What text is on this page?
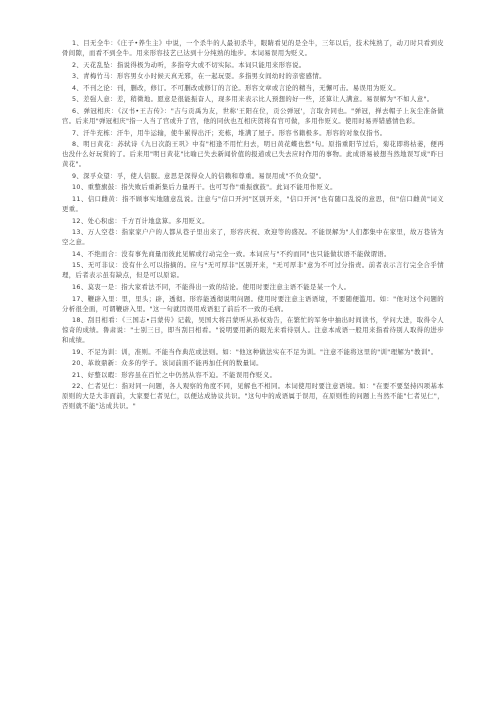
1、目无全牛：《庄子•养生主》中说，一个杀牛的人最初杀牛，眼睛看见的是全牛，三年以后，技术纯熟了，动刀时只看到皮骨间隙，而看不到全牛。用来形容技艺已达到十分纯熟的地步。本词易误用为贬义。

2、天花乱坠：指说得极为动听，多指夸大或不切实际。本词只能用来形容说。

3、青梅竹马：形容男女小时候天真无邪，在一起玩耍。多指男女间幼时的亲密感情。

4、不刊之论：刊，删改，修订。不可删改或修订的言论。形容文章或言论的精当，无懈可击。易误用为贬义。

5、差强人意：差，稍微地。愿意是很能振奋人，现多用来表示比人预想的好一些，还算让人满意。易误解为"不如人意"。

6、弹冠相庆：《汉书•王吉传》："吉与贡禹为友，世称'王阳在位，贡公弹冠'，言取舍同也。"弹冠，掸去帽子上灰尘准备做官。后来用"弹冠相庆"指一人当了官或升了官，他的同伙也互相庆贺将有官可做，多用作贬义。使用时易弄错感情色彩。

7、汗牛充栋：汗牛，用牛运输，使牛累得出汗；充栋，堆满了屋子。形容书籍极多。形容的对象仅指书。

8、明日黄花：苏轼诗《九日次韵王巩》中有"相逢不用忙归去，明日黄花蝶也愁"句。原指重阳节过后，菊花即将枯萎，便再也没什么好玩赏的了。后来用"明日黄花"比喻已失去新闻价值的报道或已失去应时作用的事物。此成语易被想当然地误写成"昨日黄花"。

9、深孚众望：孚，使人信服。意思是深得众人的信赖和尊重。易误用成"不负众望"。

10、重整旗鼓：指失败后重新集后力量再干。也可写作"重振旗鼓"。此词不能用作贬义。

11、信口雌黄：指不顾事实地随意乱说。注意与"信口开河"区别开来，"信口开河"也有随口乱说的意思，但"信口雌黄"词义更重。

12、处心积虑：千方百计地盘算。多用贬义。

13、万人空巷：指家家户户的人都从巷子里出来了，形容庆祝、欢迎等的盛况。不能误解为"人们都集中在家里，故万巷皆为空之意。

14、不绝而合：没有事先商量而彼此见解或行动完全一致。本词应与"不约而同"也只能做状语不能做谓语。

15、无可非议：没有什么可以指摘的。应与"无可厚非"区别开来，"无可厚非"意为不可过分指责。前者表示言行完全合乎情理，后者表示虽有缺点，但是可以原谅。

16、莫衷一是：指大家看法不同，不能得出一致的结论。使用时要注意主语不能是某一个人。

17、鞭辟入里：里，里头；辟，透彻。形容能透彻说明问题。使用时要注意主语语境，不要随便滥用。如："他对这个问题的分析很全面，可谓鞭辟入里。"这一句就因误用成语犯了前后不一致的毛病。

18、刮目相看：《三国志•吕蒙传》记载，吴国大将吕蒙听从孙权劝告，在繁忙的军务中抽出时间读书，学问大进，取得令人惊奇的成绩。鲁肃说："士别三日，即当刮目相看。"说明要用新的眼光来看待别人。注意本成语一般用来指看待别人取得的进步和成绩。

19、不足为训：训，准则。不能当作典范或法则。如："他这种做法实在不足为训。"注意不能将这里的"训"理解为"教训"。

20、革故鼎新：众多的学子。该词前面不能再加任何的数量词。

21、好整以暇：形容虽在百忙之中仍然从容不迫。不能误用作贬义。

22、仁者见仁：指对同一问题，各人观察的角度不同，见解也不相同。本词使用时要注意语境。如："在要不要坚持四项基本原则的大是大非面前，大家要仁者见仁，以便达成协议共识。"这句中的成语属于误用，在原则性的问题上当然不能"仁者见仁"，否则就不能"达成共识。"
